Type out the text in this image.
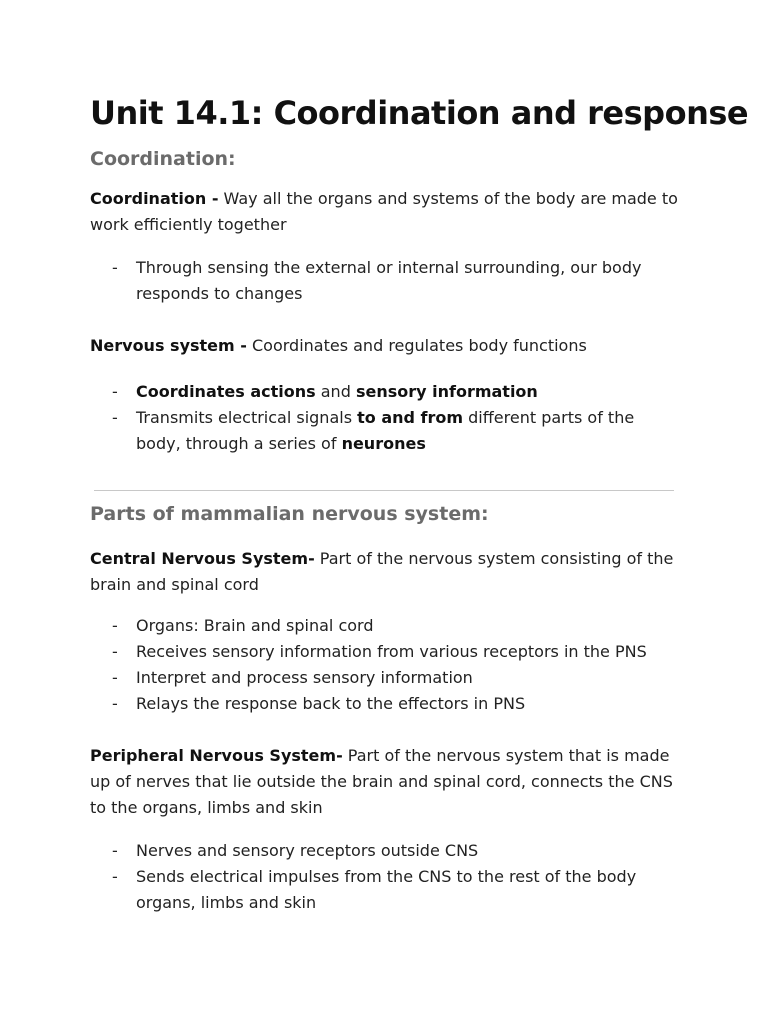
Unit 14.1: Coordination and response
Coordination:
Coordination - Way all the organs and systems of the body are made to work efficiently together
- Through sensing the external or internal surrounding, our body responds to changes
Nervous system - Coordinates and regulates body functions
- Coordinates actions and sensory information
- Transmits electrical signals to and from different parts of the body, through a series of neurones
Parts of mammalian nervous system:
Central Nervous System- Part of the nervous system consisting of the brain and spinal cord
- Organs: Brain and spinal cord
- Receives sensory information from various receptors in the PNS
- Interpret and process sensory information
- Relays the response back to the effectors in PNS
Peripheral Nervous System- Part of the nervous system that is made up of nerves that lie outside the brain and spinal cord, connects the CNS to the organs, limbs and skin
- Nerves and sensory receptors outside CNS
- Sends electrical impulses from the CNS to the rest of the body organs, limbs and skin
